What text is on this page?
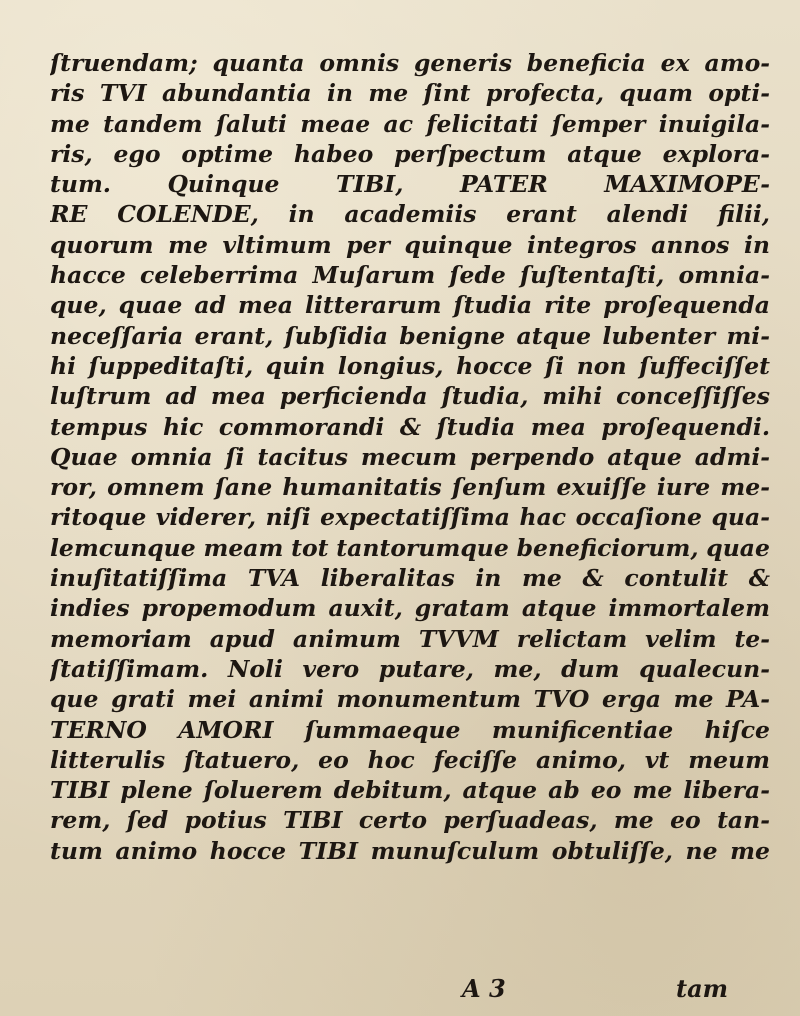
ſtruendam; quanta omnis generis beneficia ex amo-
ris TVI abundantia in me ſint profecta, quam opti-
me tandem ſaluti meae ac felicitati ſemper inuigila-
ris, ego optime habeo perſpectum atque explora-
tum. Quinque TIBI, PATER MAXIMOPE-
RE COLENDE, in academiis erant alendi filii,
quorum me vltimum per quinque integros annos in
hacce celeberrima Muſarum ſede ſuſtentaſti, omnia-
que, quae ad mea litterarum ſtudia rite proſequenda
neceſſaria erant, ſubſidia benigne atque lubenter mi-
hi ſuppeditaſti, quin longius, hocce ſi non ſuffeciſſet
luſtrum ad mea perficienda ſtudia, mihi conceſſiſſes
tempus hic commorandi & ſtudia mea proſequendi.
Quae omnia ſi tacitus mecum perpendo atque admi-
ror, omnem ſane humanitatis ſenſum exuiſſe iure me-
ritoque viderer, niſi expectatiſſima hac occaſione qua-
lemcunque meam tot tantorumque beneficiorum, quae
inuſitatiſſima TVA liberalitas in me & contulit &
indies propemodum auxit, gratam atque immortalem
memoriam apud animum TVVM relictam velim te-
ſtatiſſimam. Noli vero putare, me, dum qualecun-
que grati mei animi monumentum TVO erga me PA-
TERNO AMORI ſummaeque munificentiae hiſce
litterulis ſtatuero, eo hoc feciſſe animo, vt meum
TIBI plene ſoluerem debitum, atque ab eo me libera-
rem, ſed potius TIBI certo perſuadeas, me eo tan-
tum animo hocce TIBI munuſculum obtuliſſe, ne me
A 3	tam
